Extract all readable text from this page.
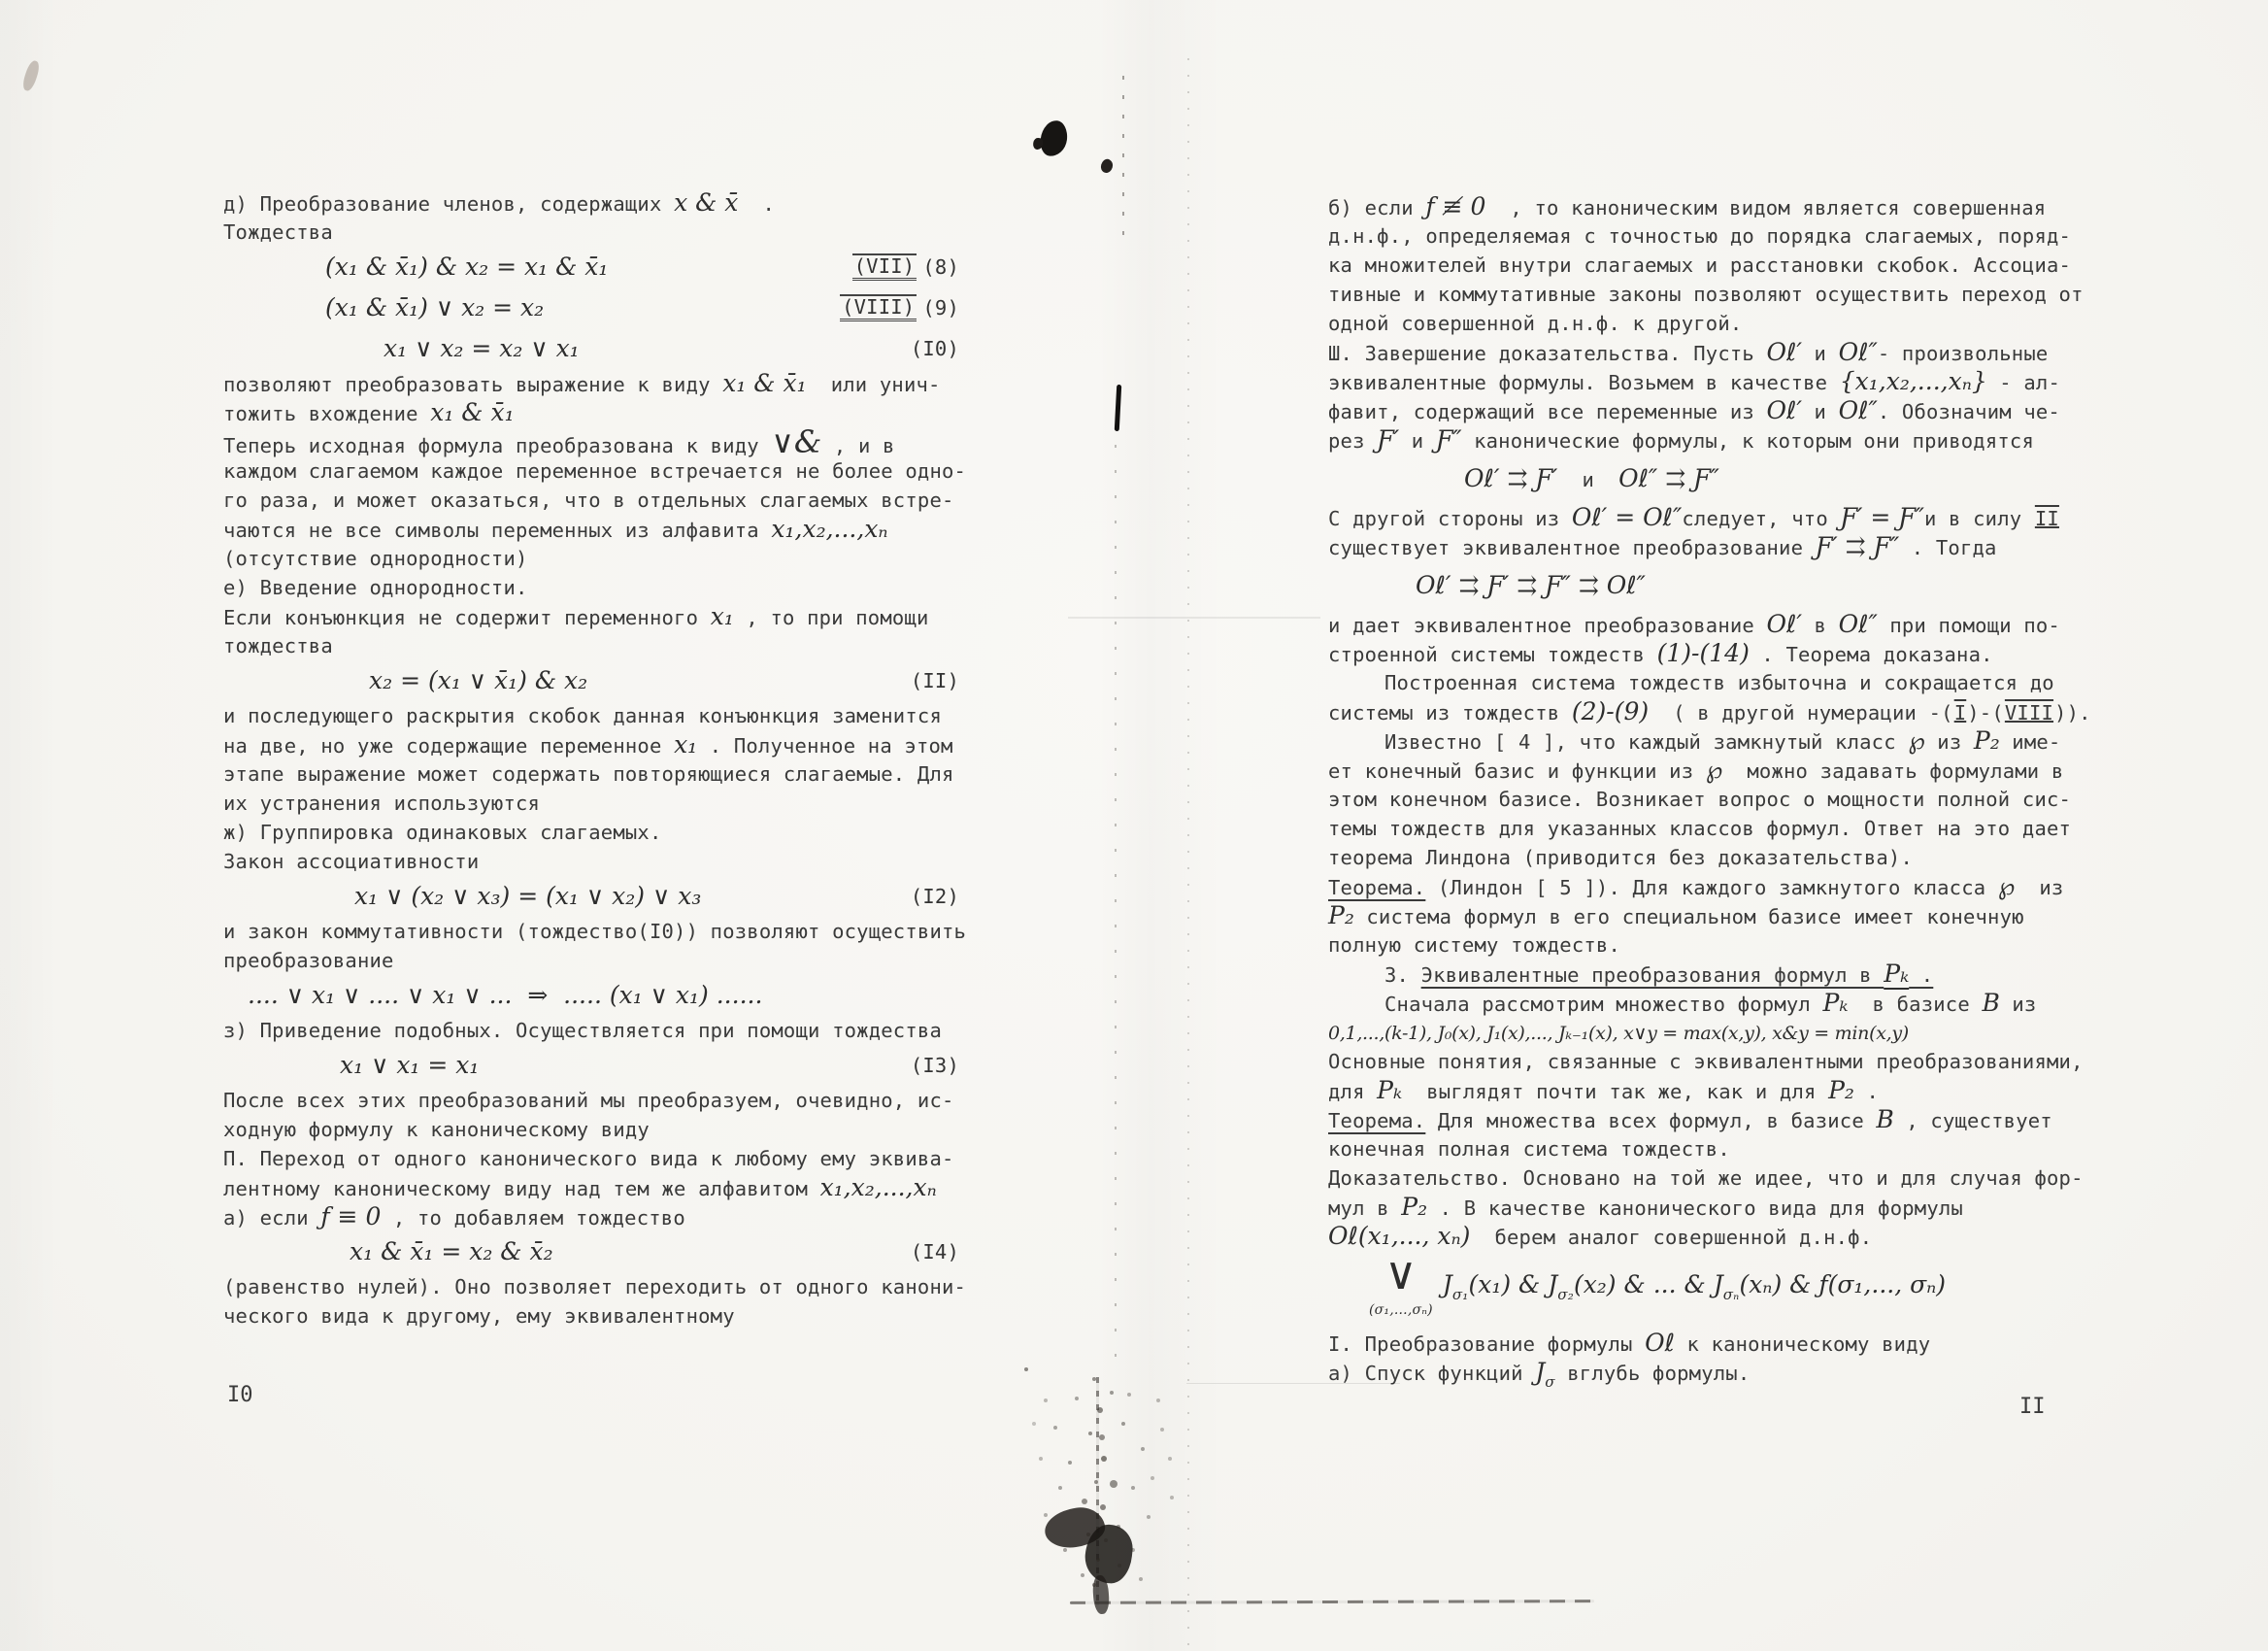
д) Преобразование членов, содержащих x & x̄  .
Тождества
(x₁ & x̄₁) & x₂ = x₁ & x̄₁	(VII) (8)
(x₁ & x̄₁) ∨ x₂ = x₂	(VIII) (9)
x₁ ∨ x₂ = x₂ ∨ x₁	(I0)
позволяют преобразовать выражение к виду x₁ & x̄₁  или унич-
тожить вхождение x₁ & x̄₁
Теперь исходная формула преобразована к виду ∨& , и в
каждом слагаемом каждое переменное встречается не более одно-
го раза, и может оказаться, что в отдельных слагаемых встре-
чаются не все символы переменных из алфавита x₁,x₂,...,xₙ
(отсутствие однородности)
е) Введение однородности.
Если конъюнкция не содержит переменного x₁ , то при помощи
тождества
x₂ = (x₁ ∨ x̄₁) & x₂	(II)
и последующего раскрытия скобок данная конъюнкция заменится
на две, но уже содержащие переменное x₁ . Полученное на этом
этапе выражение может содержать повторяющиеся слагаемые. Для
их устранения используются
ж) Группировка одинаковых слагаемых.
Закон ассоциативности
x₁ ∨ (x₂ ∨ x₃) = (x₁ ∨ x₂) ∨ x₃	(I2)
и закон коммутативности (тождество(I0)) позволяют осуществить
преобразование
.... ∨ x₁ ∨ .... ∨ x₁ ∨ ...  ⇒  ..... (x₁ ∨ x₁) ......
з) Приведение подобных. Осуществляется при помощи тождества
x₁ ∨ x₁ = x₁	(I3)
После всех этих преобразований мы преобразуем, очевидно, ис-
ходную формулу к каноническому виду
П. Переход от одного канонического вида к любому ему эквива-
лентному каноническому виду над тем же алфавитом x₁,x₂,...,xₙ
а) если ƒ ≡ 0 , то добавляем тождество
x₁ & x̄₁ = x₂ & x̄₂	(I4)
(равенство нулей). Оно позволяет переходить от одного канони-
ческого вида к другому, ему эквивалентному
б) если ƒ ≢ 0  , то каноническим видом является совершенная
д.н.ф., определяемая с точностью до порядка слагаемых, поряд-
ка множителей внутри слагаемых и расстановки скобок. Ассоциа-
тивные и коммутативные законы позволяют осуществить переход от
одной совершенной д.н.ф. к другой.
Ш. Завершение доказательства. Пусть Oℓ′ и Oℓ″- произвольные
эквивалентные формулы. Возьмем в качестве {x₁,x₂,...,xₙ} - ал-
фавит, содержащий все переменные из Oℓ′ и Oℓ″. Обозначим че-
рез Ƒ′ и Ƒ″ канонические формулы, к которым они приводятся
Oℓ′ ⇉ Ƒ′  и  Oℓ″ ⇉ Ƒ″
С другой стороны из Oℓ′ = Oℓ″следует, что Ƒ′ = Ƒ″и в силу II
существует эквивалентное преобразование Ƒ′ ⇉ Ƒ″ . Тогда
Oℓ′ ⇉ Ƒ′ ⇉ Ƒ″ ⇉ Oℓ″
и дает эквивалентное преобразование Oℓ′ в Oℓ″ при помощи по-
строенной системы тождеств (1)-(14) . Теорема доказана.
Построенная система тождеств избыточна и сокращается до
системы из тождеств (2)-(9)  ( в другой нумерации -(I)-(VIII)).
Известно [ 4 ], что каждый замкнутый класс ℘ из P₂ име-
ет конечный базис и функции из ℘  можно задавать формулами в
этом конечном базисе. Возникает вопрос о мощности полной сис-
темы тождеств для указанных классов формул. Ответ на это дает
теорема Линдона (приводится без доказательства).
Теорема. (Линдон [ 5 ]). Для каждого замкнутого класса ℘  из
P₂ система формул в его специальном базисе имеет конечную
полную систему тождеств.
3. Эквивалентные преобразования формул в Pₖ .
Сначала рассмотрим множество формул Pₖ  в базисе B из
0,1,...,(k-1), J₀(x), J₁(x),..., Jₖ₋₁(x), x∨y = max(x,y), x&y = min(x,y)
Основные понятия, связанные с эквивалентными преобразованиями,
для Pₖ  выглядят почти так же, как и для P₂ .
Теорема. Для множества всех формул, в базисе B , существует
конечная полная система тождеств.
Доказательство. Основано на той же идее, что и для случая фор-
мул в P₂ . В качестве канонического вида для формулы
Oℓ(x₁,..., xₙ)  берем аналог совершенной д.н.ф.
∨
(σ₁,...,σₙ)
$J_{\sigma_1}(x_1)$ & $J_{\sigma_2}(x_2)$ & ... & $J_{\sigma_n}(x_n)$ & ƒ(σ₁,..., σₙ)
I. Преобразование формулы Oℓ к каноническому виду
а) Спуск функций $J_\sigma$ вглубь формулы.
I0	II
